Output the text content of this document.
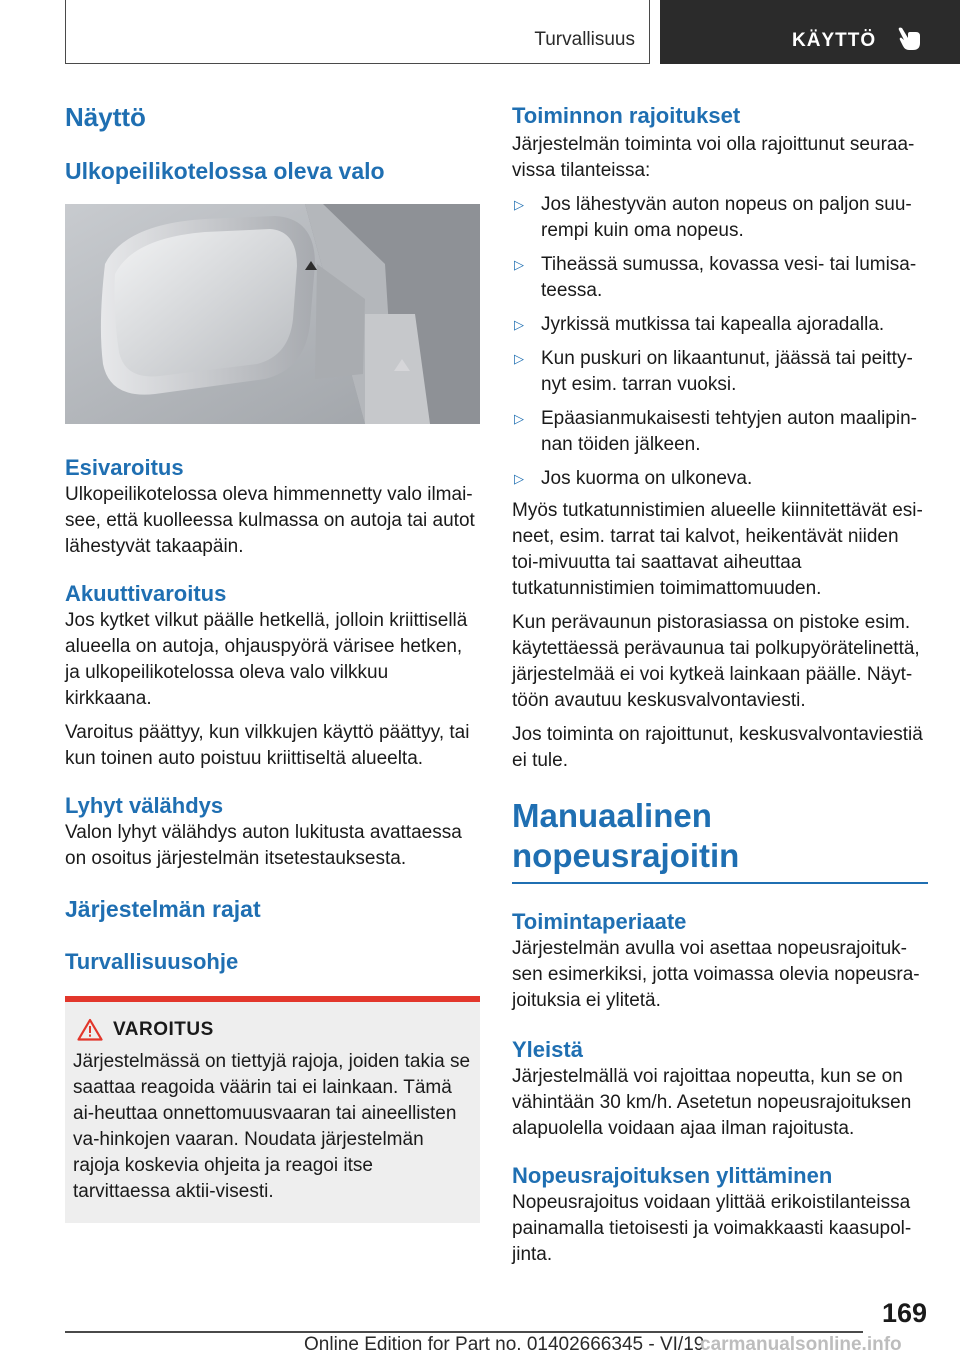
Turvallisuus	KÄYTTÖ
Näyttö
Ulkopeilikotelossa oleva valo
Esivaroitus

Ulkopeilikotelossa oleva himmennetty valo ilmai-see, että kuolleessa kulmassa on autoja tai autot lähestyvät takaapäin.

Akuuttivaroitus

Jos kytket vilkut päälle hetkellä, jolloin kriittisellä alueella on autoja, ohjauspyörä värisee hetken, ja ulkopeilikotelossa oleva valo vilkkuu kirkkaana.

Varoitus päättyy, kun vilkkujen käyttö päättyy, tai kun toinen auto poistuu kriittiseltä alueelta.

Lyhyt välähdys

Valon lyhyt välähdys auton lukitusta avattaessa on osoitus järjestelmän itsetestauksesta.

Järjestelmän rajat
Turvallisuusohje
VAROITUS
Järjestelmässä on tiettyjä rajoja, joiden takia se saattaa reagoida väärin tai ei lainkaan. Tämä ai-heuttaa onnettomuusvaaran tai aineellisten va-hinkojen vaaran. Noudata järjestelmän rajoja koskevia ohjeita ja reagoi itse tarvittaessa aktii-visesti.
Toiminnon rajoitukset

Järjestelmän toiminta voi olla rajoittunut seuraa-vissa tilanteissa:

▷ Jos lähestyvän auton nopeus on paljon suu-rempi kuin oma nopeus.
▷ Tiheässä sumussa, kovassa vesi- tai lumisa-teessa.
▷ Jyrkissä mutkissa tai kapealla ajoradalla.
▷ Kun puskuri on likaantunut, jäässä tai peitty-nyt esim. tarran vuoksi.
▷ Epäasianmukaisesti tehtyjen auton maalipin-nan töiden jälkeen.
▷ Jos kuorma on ulkoneva.

Myös tutkatunnistimien alueelle kiinnitettävät esi-neet, esim. tarrat tai kalvot, heikentävät niiden toi-mivuutta tai saattavat aiheuttaa tutkatunnistimien toimimattomuuden.

Kun perävaunun pistorasiassa on pistoke esim. käytettäessä perävaunua tai polkupyörätelinettä, järjestelmää ei voi kytkeä lainkaan päälle. Näyt-töön avautuu keskusvalvontaviesti.

Jos toiminta on rajoittunut, keskusvalvontaviestiä ei tule.

Manuaalinen
nopeusrajoitin
Toimintaperiaate

Järjestelmän avulla voi asettaa nopeusrajoituk-sen esimerkiksi, jotta voimassa olevia nopeusra-joituksia ei ylitetä.

Yleistä

Järjestelmällä voi rajoittaa nopeutta, kun se on vähintään 30 km/h. Asetetun nopeusrajoituksen alapuolella voidaan ajaa ilman rajoitusta.

Nopeusrajoituksen ylittäminen

Nopeusrajoitus voidaan ylittää erikoistilanteissa painamalla tietoisesti ja voimakkaasti kaasupol-jinta.

169
Online Edition for Part no. 01402666345 - VI/19
carmanualsonline.info
